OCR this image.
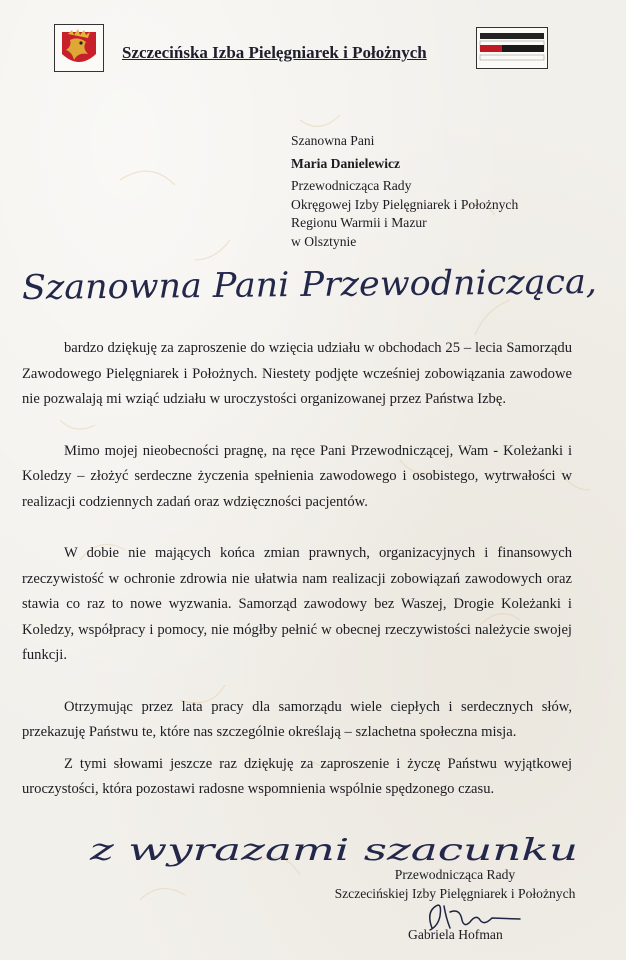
Szczecińska Izba Pielęgniarek i Położnych
Szanowna Pani
Maria Danielewicz
Przewodnicząca Rady
Okręgowej Izby Pielęgniarek i Położnych
Regionu Warmii i Mazur
w Olsztynie
Szanowna Pani Przewodnicząca,

bardzo dziękuję za zaproszenie do wzięcia udziału w obchodach 25 – lecia Samorządu Zawodowego Pielęgniarek i Położnych. Niestety podjęte wcześniej zobowiązania zawodowe nie pozwalają mi wziąć udziału w uroczystości organizowanej przez Państwa Izbę.

Mimo mojej nieobecności pragnę, na ręce Pani Przewodniczącej, Wam - Koleżanki i Koledzy – złożyć serdeczne życzenia spełnienia zawodowego i osobistego, wytrwałości w realizacji codziennych zadań oraz wdzięczności pacjentów.

W dobie nie mających końca zmian prawnych, organizacyjnych i finansowych rzeczywistość w ochronie zdrowia nie ułatwia nam realizacji zobowiązań zawodowych oraz stawia co raz to nowe wyzwania. Samorząd zawodowy bez Waszej, Drogie Koleżanki i Koledzy, współpracy i pomocy, nie mógłby pełnić w obecnej rzeczywistości należycie swojej funkcji.

Otrzymując przez lata pracy dla samorządu wiele ciepłych i serdecznych słów, przekazuję Państwu te, które nas szczególnie określają – szlachetna społeczna misja.

Z tymi słowami jeszcze raz dziękuję za zaproszenie i życzę Państwu wyjątkowej uroczystości, która pozostawi radosne wspomnienia wspólnie spędzonego czasu.

z wyrazami szacunku
Przewodnicząca Rady
Szczecińskiej Izby Pielęgniarek i Położnych
Gabriela Hofman
